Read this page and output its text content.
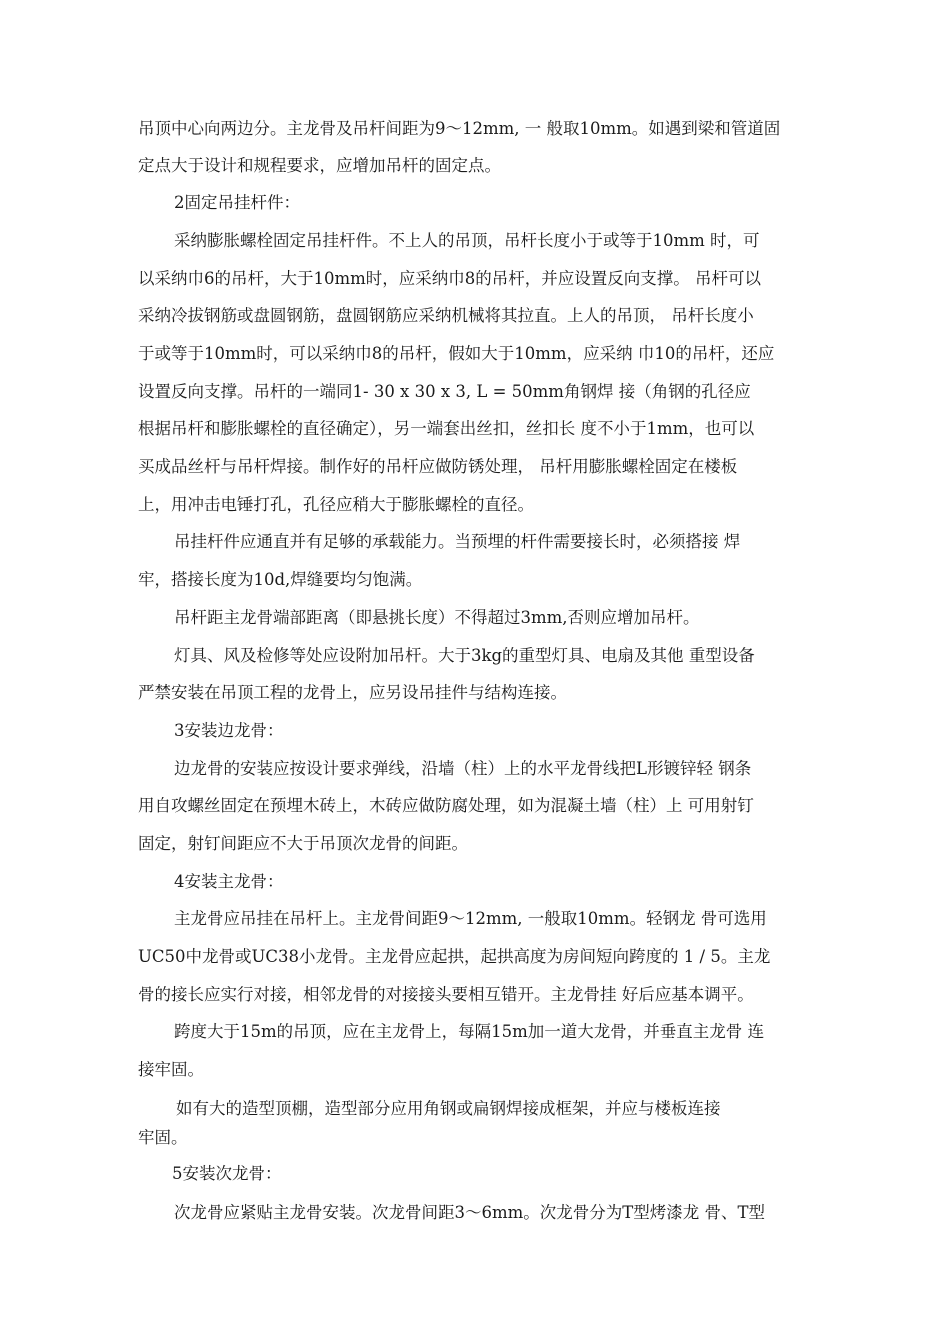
吊顶中心向两边分。主龙骨及吊杆间距为9〜12mm, 一 般取10mm。如遇到梁和管道固
定点大于设计和规程要求，应增加吊杆的固定点。
2固定吊挂杆件：
采纳膨胀螺栓固定吊挂杆件。不上人的吊顶，吊杆长度小于或等于10mm 时，可
以采纳巾6的吊杆，大于10mm时，应采纳巾8的吊杆，并应设置反向支撑。 吊杆可以
采纳冷拔钢筋或盘圆钢筋，盘圆钢筋应采纳机械将其拉直。上人的吊顶， 吊杆长度小
于或等于10mm时，可以采纳巾8的吊杆，假如大于10mm，应采纳 巾10的吊杆，还应
设置反向支撑。吊杆的一端同1- 30 x 30 x 3, L = 50mm角钢焊 接（角钢的孔径应
根据吊杆和膨胀螺栓的直径确定），另一端套出丝扣，丝扣长 度不小于1mm，也可以
买成品丝杆与吊杆焊接。制作好的吊杆应做防锈处理， 吊杆用膨胀螺栓固定在楼板
上，用冲击电锤打孔，孔径应稍大于膨胀螺栓的直径。
吊挂杆件应通直并有足够的承载能力。当预埋的杆件需要接长时，必须搭接 焊
牢，搭接长度为10d,焊缝要均匀饱满。
吊杆距主龙骨端部距离（即悬挑长度）不得超过3mm,否则应增加吊杆。
灯具、风及检修等处应设附加吊杆。大于3kg的重型灯具、电扇及其他 重型设备
严禁安装在吊顶工程的龙骨上，应另设吊挂件与结构连接。
3安装边龙骨：
边龙骨的安装应按设计要求弹线，沿墙（柱）上的水平龙骨线把L形镀锌轻 钢条
用自攻螺丝固定在预埋木砖上，木砖应做防腐处理，如为混凝土墙（柱）上 可用射钉
固定，射钉间距应不大于吊顶次龙骨的间距。
4安装主龙骨：
主龙骨应吊挂在吊杆上。主龙骨间距9〜12mm, 一般取10mm。轻钢龙 骨可选用
UC50中龙骨或UC38小龙骨。主龙骨应起拱，起拱高度为房间短向跨度的 1 / 5。主龙
骨的接长应实行对接，相邻龙骨的对接接头要相互错开。主龙骨挂 好后应基本调平。
跨度大于15m的吊顶，应在主龙骨上，每隔15m加一道大龙骨，并垂直主龙骨 连
接牢固。
如有大的造型顶棚，造型部分应用角钢或扁钢焊接成框架，并应与楼板连接
牢固。
5安装次龙骨：
次龙骨应紧贴主龙骨安装。次龙骨间距3〜6mm。次龙骨分为T型烤漆龙 骨、T型
